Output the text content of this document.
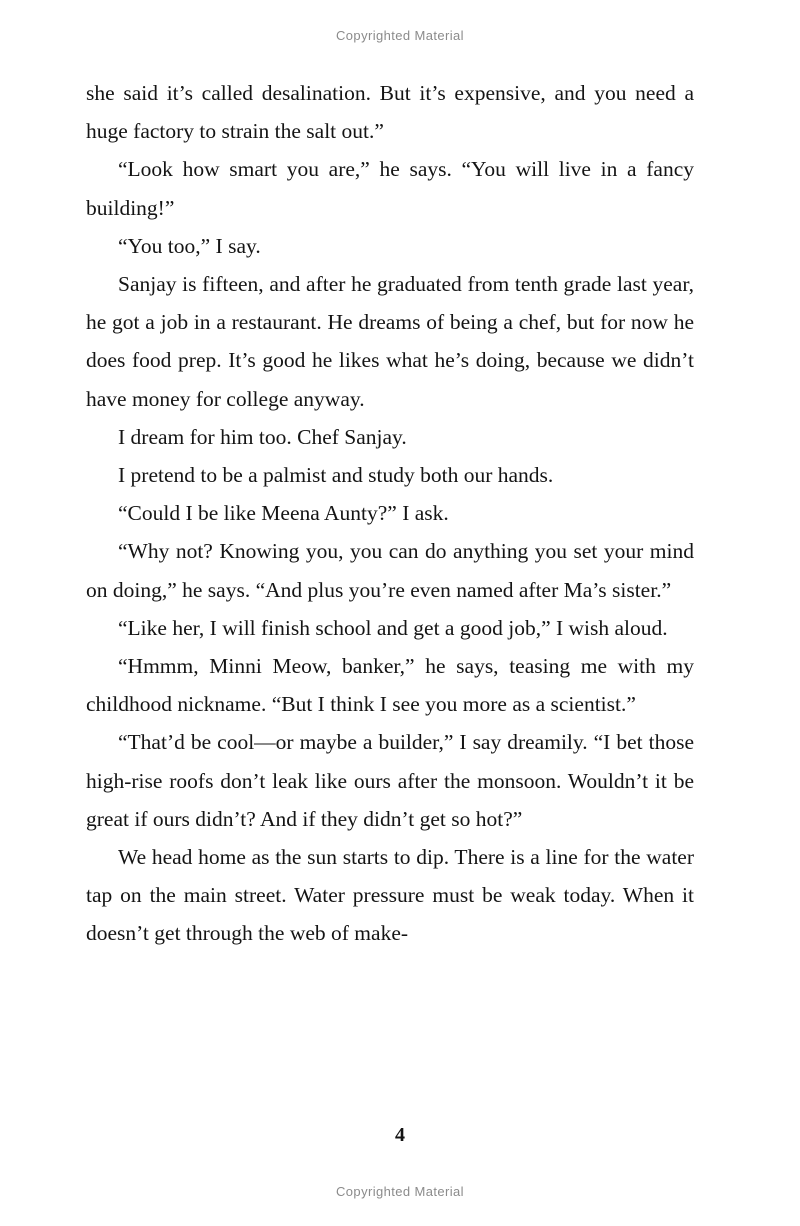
Copyrighted Material

she said it’s called desalination. But it’s expensive, and you need a huge factory to strain the salt out.”

“Look how smart you are,” he says. “You will live in a fancy building!”

“You too,” I say.

Sanjay is fifteen, and after he graduated from tenth grade last year, he got a job in a restaurant. He dreams of being a chef, but for now he does food prep. It’s good he likes what he’s doing, because we didn’t have money for college anyway.

I dream for him too. Chef Sanjay.

I pretend to be a palmist and study both our hands.

“Could I be like Meena Aunty?” I ask.

“Why not? Knowing you, you can do anything you set your mind on doing,” he says. “And plus you’re even named after Ma’s sister.”

“Like her, I will finish school and get a good job,” I wish aloud.

“Hmmm, Minni Meow, banker,” he says, teasing me with my childhood nickname. “But I think I see you more as a scientist.”

“That’d be cool—or maybe a builder,” I say dreamily. “I bet those high-rise roofs don’t leak like ours after the monsoon. Wouldn’t it be great if ours didn’t? And if they didn’t get so hot?”

We head home as the sun starts to dip. There is a line for the water tap on the main street. Water pressure must be weak today. When it doesn’t get through the web of make-

4
Copyrighted Material
